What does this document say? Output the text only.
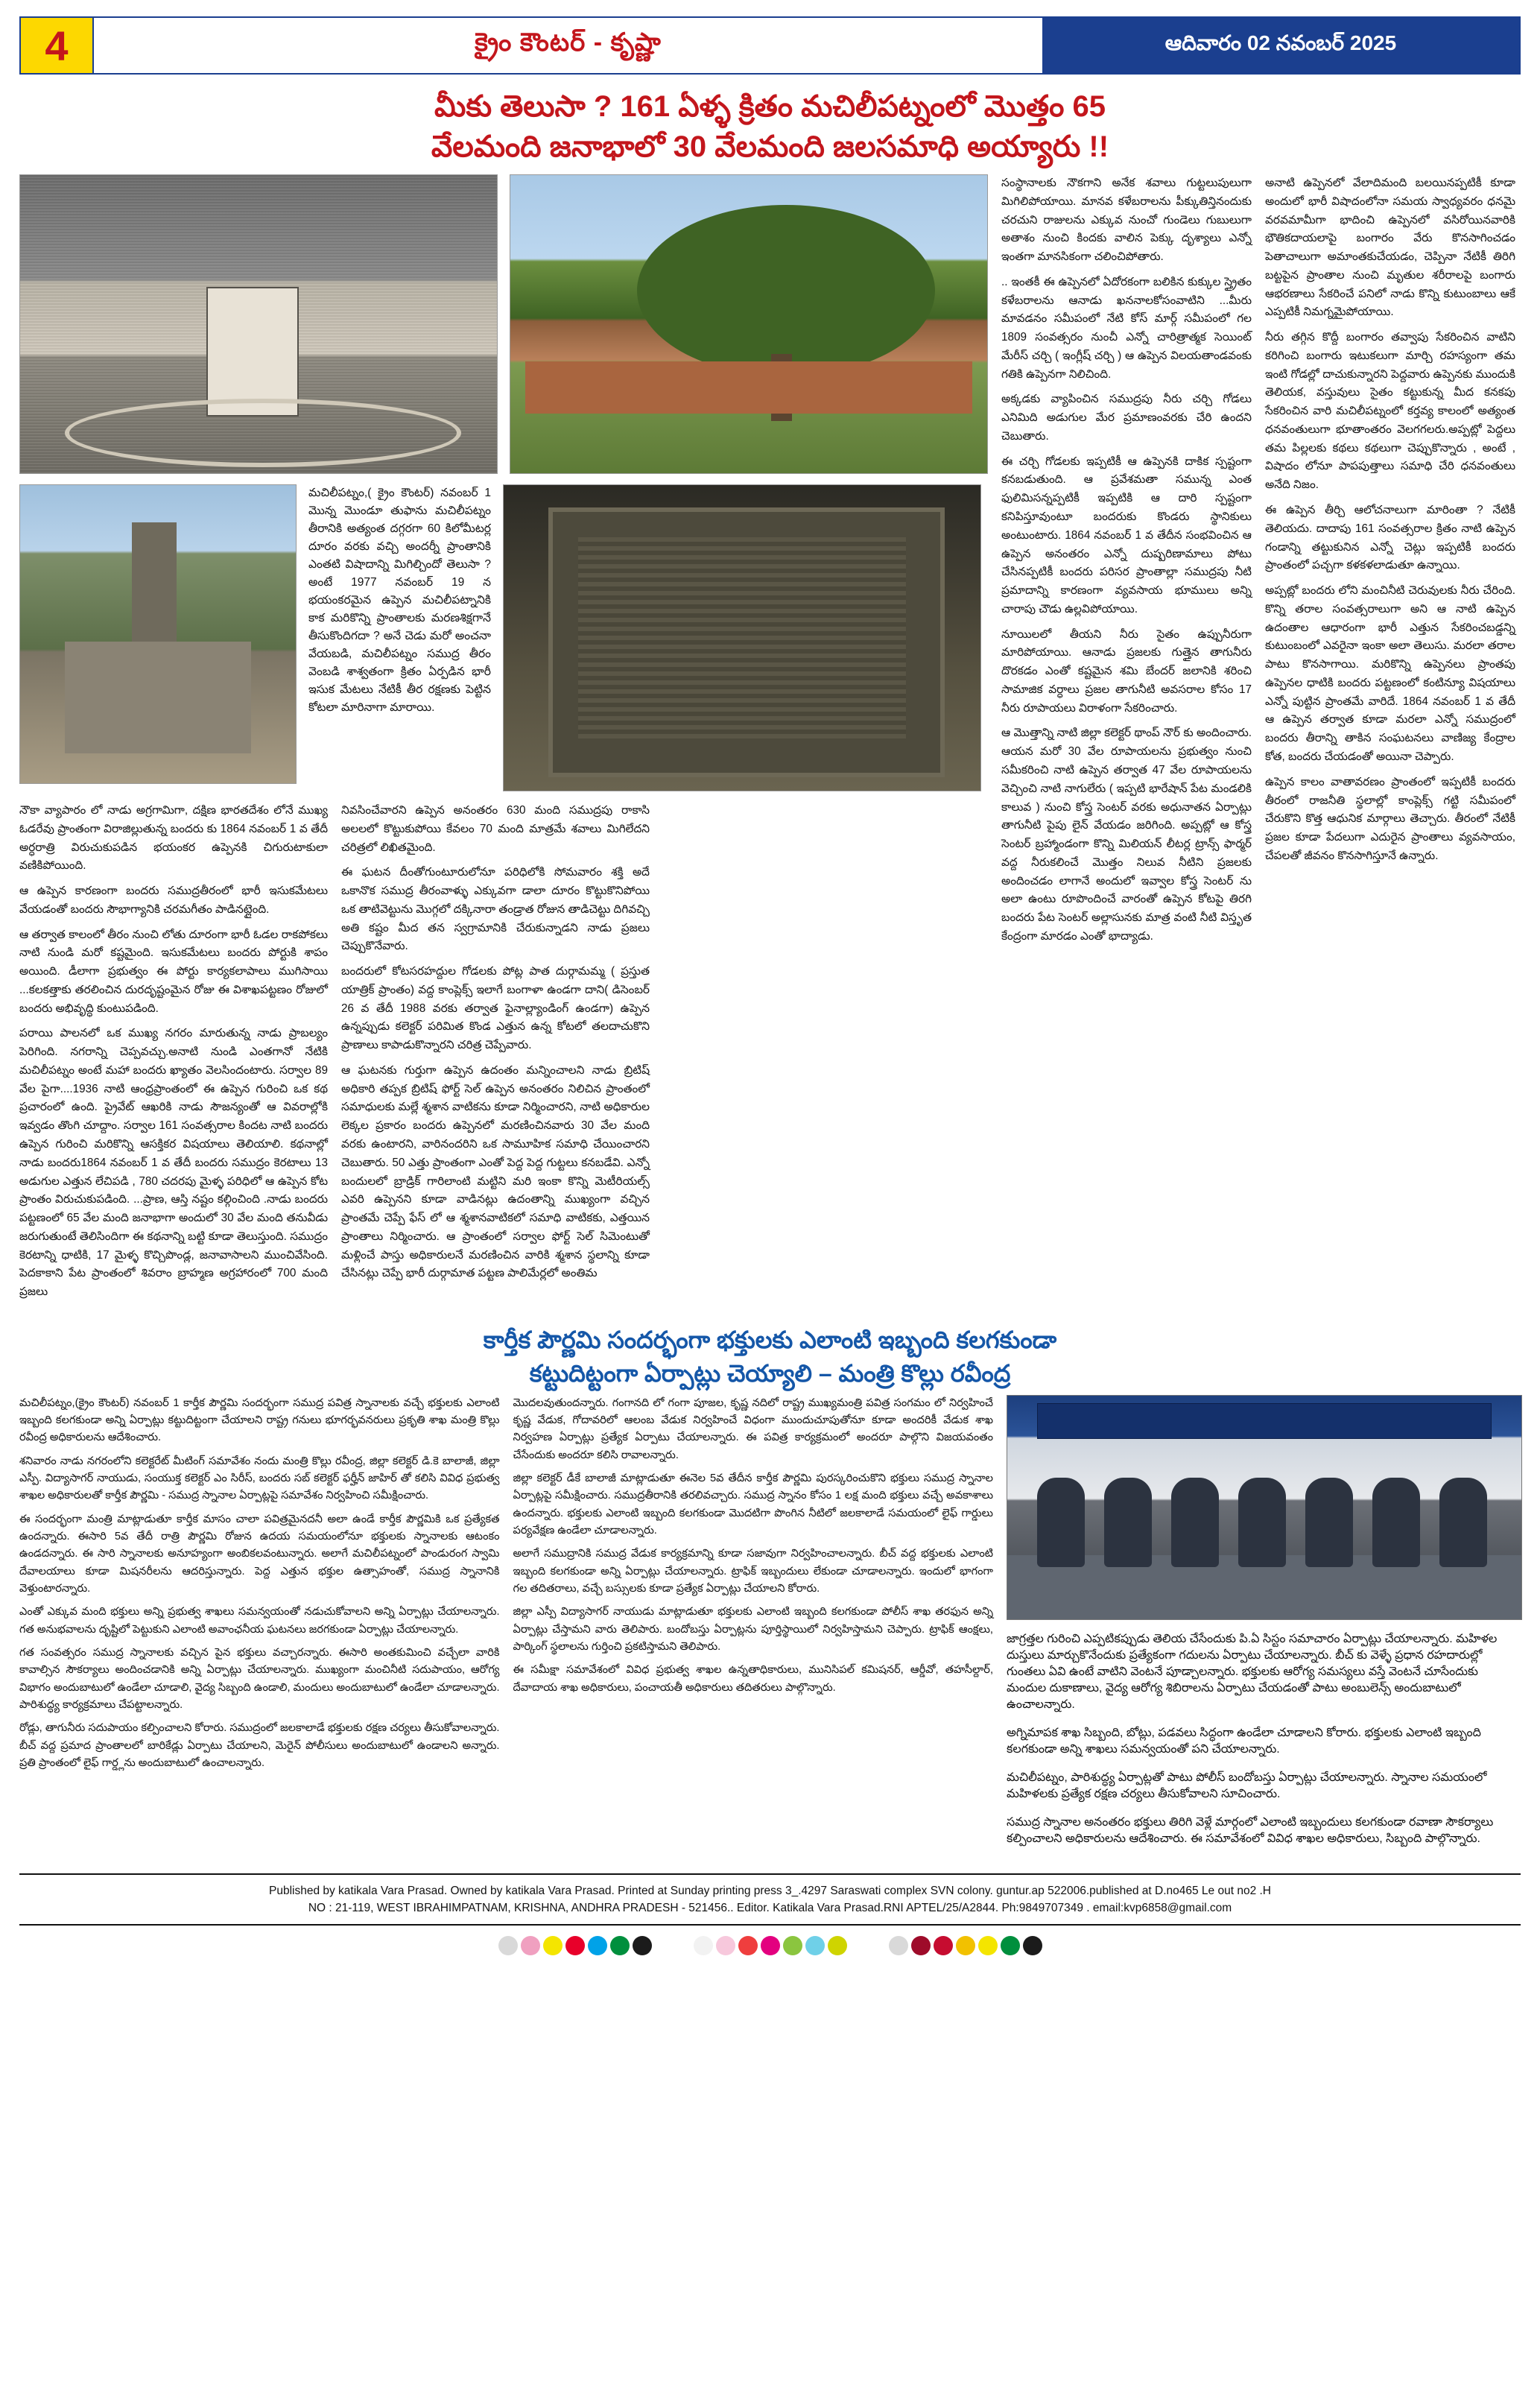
4	క్రైం కౌంటర్ - కృష్ణా	ఆదివారం 02 నవంబర్ 2025
మీకు తెలుసా ? 161 ఏళ్ళ క్రితం మచిలీపట్నంలో మొత్తం 65
వేలమంది జనాభాలో 30 వేలమంది జలసమాధి అయ్యారు !!
మచిలీపట్నం,( క్రైం కౌంటర్) నవంబర్ 1 మొన్న మొండూ తుఫాను మచిలీపట్నం తీరానికి అత్యంత దగ్గరగా 60 కిలోమీటర్ల దూరం వరకు వచ్చి అందర్నీ ప్రాంతానికి ఎంతటి విషాదాన్ని మిగిల్చిందో తెలుసా ? అంటే 1977 నవంబర్ 19 న భయంకరమైన ఉప్పెన మచిలీపట్నానికి కాక మరికొన్ని ప్రాంతాలకు మరణశిక్షగానే తీసుకొందిగదా ? అనే చెడు మరో అంచనా వేయబడి, మచిలీపట్నం సముద్ర తీరం వెంబడి శాశ్వతంగా క్రితం ఏర్పడిన భారీ ఇసుక మేటలు నేటికీ తీర రక్షణకు పెట్టిన కోటలా మారినాగా మారాయి.

నౌకా వ్యాపారం లో నాడు అగ్రగామిగా, దక్షిణ భారతదేశం లోనే ముఖ్య ఓడరేవు ప్రాంతంగా విరాజిల్లుతున్న బందరు కు 1864 నవంబర్ 1 వ తేదీ అర్ధరాత్రి విరుచుకుపడిన భయంకర ఉప్పెనకి చిగురుటాకులా వణికిపోయింది.

ఆ ఉప్పెన కారణంగా బందరు సముద్రతీరంలో భారీ ఇసుకమేటలు వేయడంతో బందరు సౌభాగ్యానికి చరమగీతం పాడినట్లైంది.

ఆ తర్వాత కాలంలో తీరం నుంచి లోతు దూరంగా భారీ ఓడల రాకపోకలు నాటి నుండి మరో కష్టమైంది. ఇసుకమేటలు బందరు పోర్టుకి శాపం అయింది. డీలాగా ప్రభుత్వం ఈ పోర్టు కార్యకలాపాలు ముగిసాయి ...కలకత్తాకు తరలించిన దురదృష్టంమైన రోజు ఈ విశాఖపట్టణం రోజులో బందరు అభివృద్ధి కుంటుపడింది.

పరాయి పాలనలో ఒక ముఖ్య నగరం మారుతున్న నాడు ప్రాబల్యం పెరిగింది. నగరాన్ని చెప్పవచ్చు.అనాటి నుండి ఎంతగానో నేటికి మచిలీపట్నం అంటే మహా బందరు ఖ్యాతం వెలసిందంటారు. సర్వాల 89 వేల పైగా....1936 నాటి ఆంధ్రప్రాంతంలో ఈ ఉప్పెన గురించి ఒక కథ ప్రచారంలో ఉంది. ప్రైవేట్ ఆఖరికి నాడు సౌజన్యంతో ఆ వివరాల్లోకి ఇవ్వడం తొంగి చూద్దాం. సర్వాల 161 సంవత్సరాల కిందట నాటి బందరు ఉప్పెన గురించి మరికొన్ని ఆసక్తికర విషయాలు తెలియాలి. కథనాల్లో నాడు బందరు1864 నవంబర్ 1 వ తేదీ బందరు సముద్రం కెరటాలు 13 అడుగుల ఎత్తున లేచిపడి , 780 చదరపు మైళ్ళ పరిధిలో ఆ ఉప్పెన కోట ప్రాంతం విరుచుకుపడింది. ...ప్రాణ, ఆస్తి నష్టం కల్గించింది .నాడు బందరు పట్టణంలో 65 వేల మంది జనాభాగా అందులో 30 వేల మంది తనువీడు జరుగుతుంటే తెలిసిందిగా ఈ కథనాన్ని బట్టి కూడా తెలుస్తుంది. సముద్రం కెరటాన్ని ధాటికి, 17 మైళ్ళ కొచ్చిపొండ్ల, జనావాసాలని ముంచివేసింది. పెదకాకాని పేట ప్రాంతంలో శివరాం బ్రాహ్మణ అగ్రహారంలో 700 మంది ప్రజలు

నివసించేవారని ఉప్పెన అనంతరం 630 మంది సముద్రపు రాకాసి అలలలో కొట్టుకుపోయి కేవలం 70 మంది మాత్రమే శవాలు మిగిలేదని చరిత్రలో లిఖితమైంది.

ఈ ఘటన దీంతోగుంటూరులోనూ పరిధిలోకి సోమవారం శక్తి అదే ఒకానొక సముద్ర తీరంవాళ్ళు ఎక్కువగా డాలా దూరం కొట్టుకొనిపోయి ఒక తాటివెట్టును మొగ్గలో దక్కినారా తండ్రాత రోజున తాడిచెట్టు దిగివచ్చి అతి కష్టం మీద తన స్వగ్రామానికి చేరుకున్నాడని నాడు ప్రజలు చెప్పుకొనేవారు.

బందరులో కోటసరహద్దుల గోడలకు పోట్ల పాత దుర్గామమ్మ ( ప్రస్తుత యాత్రిక్ ప్రాంతం) వద్ద కాంప్లెక్స్ ఇలాగే బంగాళా ఉండగా దాని( డిసెంబర్ 26 వ తేదీ 1988 వరకు తర్వాత ఫైనాల్ల్యాండింగ్ ఉండగా) ఉప్పెన ఉన్నప్పుడు కలెక్టర్ పరిమిత కొండ ఎత్తున ఉన్న కోటలో తలదాచుకొని ప్రాణాలు కాపాడుకొన్నారని చరిత్ర చెప్పేవారు.

ఆ ఘటనకు గుర్తుగా ఉప్పెన ఉదంతం మన్నించాలని నాడు బ్రిటిష్ అధికారి తప్పక బ్రిటిష్ ఫోర్ట్ సెల్ ఉప్పెన అనంతరం నిలిచిన ప్రాంతంలో సమాధులకు మల్లే శ్మశాన వాటికను కూడా నిర్మించారని, నాటి అధికారుల లెక్కల ప్రకారం బందరు ఉప్పెనలో మరణించినవారు 30 వేల మంది వరకు ఉంటారని, వారినందరిని ఒక సామూహిక సమాధి చేయించారని చెబుతారు. 50 ఎత్తు ప్రాంతంగా ఎంతో పెద్ద పెద్ద గుట్టలు కనబడేవి. ఎన్నో బందులలో బ్రాడ్రిక్ గారిలాంటి మట్టిని మరి ఇంకా కొన్ని మెటీరియల్స్ ఎవరి ఉప్పెనని కూడా వాడినట్లు ఉదంతాన్ని ముఖ్యంగా వచ్చిన ప్రాంతమే చెప్పే ఫేస్ లో ఆ శ్మశానవాటికలో సమాధి వాటికకు, ఎత్తయిన ప్రాంతాలు నిర్మించారు. ఆ ప్రాంతంలో సర్వాల ఫోర్ట్ సెల్ సిమెంటుతో మళ్లించే పాస్తు అధికారులనే మరణించిన వారికి శ్మశాన స్థలాన్ని కూడా చేసినట్లు చెప్పే భారీ దుర్గామాత పట్టణ పాలిమేర్లలో అంతిమ

సంస్థానాలకు నౌకగాని అనేక శవాలు గుట్టలుపులుగా మిగిలిపోయాయి. మానవ కళేబరాలను పీక్కుతిన్తినందుకు చరచుని రాజులను ఎక్కువ నుంచో గుండెలు గుబులుగా అతాశం నుంచి కిందకు వాలిన పెక్కు దృశ్యాలు ఎన్నో ఇంతగా మానసికంగా చలించిపోతారు.

.. ఇంతకీ ఈ ఉప్పెనలో ఏదోరకంగా బలికిన కుక్కుల స్త్రైతం కళేబరాలను ఆనాడు ఖననాలకోసంవాటిని ...మీరు మావడనం సమీపంలో నేటి కోస్ మార్గ్ సమీపంలో గల 1809 సంవత్సరం నుంచీ ఎన్నో చారిత్రాత్మక సెయింట్ మేరీస్ చర్చి ( ఇంగ్లీష్ చర్చి ) ఆ ఉప్పెన విలయతాండవంకు గతికి ఉప్పెనగా నిలిచింది.

అక్కడకు వ్యాపించిన సముద్రపు నీరు చర్చి గోడలు ఎనిమిది అడుగుల మేర ప్రమాణంవరకు చేరి ఉందని చెబుతారు.

ఈ చర్చి గోడలకు ఇప్పటికీ ఆ ఉప్పెనకి దాకిక స్పష్టంగా కనబడుతుంది. ఆ ప్రవేశమతా సమున్న ఎంత ఫులిమిసన్నప్పటికీ ఇప్పటికి ఆ దారి స్పష్టంగా కనిపిస్తూవుంటూ బందరుకు కొండరు స్థానికులు అంటుంటారు. 1864 నవంబర్ 1 వ తేదీన సంభవించిన ఆ ఉప్పెన అనంతరం ఎన్నో దుష్పరిణామాలు పోటు చేసినప్పటికీ బందరు పరిసర ప్రాంతాల్లా సముద్రపు నీటి ప్రమాదాన్ని కారణంగా వ్యవసాయ భూములు అన్ని చారాపు చౌడు ఉల్లవిపోయాయి.

నూయిలలో తీయని నీరు సైతం ఉప్పునీరుగా మారిపోయాయి. ఆనాడు ప్రజలకు గుత్తైన తాగునీరు దొరకడం ఎంతో కష్టమైన శమి బేందర్ జలానికి శరించి సామాజిక వర్ధాలు ప్రజల తాగునీటి అవసరాల కోసం 17 నీరు రూపాయలు విరాళంగా సేకరించారు.

ఆ మొత్తాన్ని నాటి జిల్లా కలెక్టర్ థాంప్ నౌర్ కు అందించారు. ఆయన మరో 30 వేల రూపాయలను ప్రభుత్వం నుంచి సమీకరించి నాటి ఉప్పెన తర్వాత 47 వేల రూపాయలను వెచ్చించి నాటి నాగులేరు ( ఇప్పటి భారేషాన్ పేట మండలికి కాలువ ) నుంచి కోస్త్ర సెంటర్ వరకు అధునాతన ఏర్పాట్లు తాగునీటి పైపు లైన్ వేయడం జరిగింది. అప్పట్లో ఆ కోస్త్ర సెంటర్ బ్రహ్మాండంగా కొన్ని మిలియన్ లీటర్ల ట్రాన్స్ ఫార్మర్ వద్ద నీరుకలించే మొత్తం నిలువ నీటిని ప్రజలకు అందించడం లాగానే అందులో ఇవ్వాల కోస్త్ర సెంటర్ ను అలా ఉంటు రూపొందించే వారంతో ఉప్పెన కోటపై తిరగి బందరు పేట సెంటర్ అల్లాసునకు మాత్ర వంటి నీటి విస్తృత కేంద్రంగా మారడం ఎంతో భాద్యాడు.

అనాటి ఉప్పెనలో వేలాదిమంది బలయినప్పటికీ కూడా అందులో భారీ విషాదంలోనా సమయ స్వాధ్యవరం ధనమై వరవమామీగా భాదించి ఉప్పెనలో వసిరోయినవారికి భౌతికదాయలాపై బంగారం వేరు కొనసాగించడం పెతాచాలుగా అమాంతకుచేయడం, చెప్పినా నేటికీ తిరిగి బట్టపైన ప్రాంతాల నుంచి మృతుల శరీరాలపై బంగారు ఆభరణాలు సేకరించే పనిలో నాడు కొన్ని కుటుంబాలు ఆకే ఎప్పటికీ నిమగ్నమైపోయాయి.

నీరు తగ్గిన కొద్దీ బంగారం తవ్వాపు సేకరించిన వాటిని కరిగించి బంగారు ఇటుకలుగా మార్చి రహస్యంగా తమ ఇంటి గోడల్లో దాచుకున్నారని పెద్దవారు ఉప్పెనకు ముందుకి తెలియక, వస్తువులు సైతం కట్టుకున్న మీద కనకపు సేకరించిన వారి మచిలీపట్నంలో కర్తవ్య కాలంలో అత్యంత ధనవంతులుగా భూతాంతరం వెలగగలరు.అప్పట్లో పెద్దలు తమ పిల్లలకు కథలు కథలుగా చెప్పుకొన్నారు , అంటే , విషాదం లోనూ పాపపుత్తాలు సమాధి చేరి ధనవంతులు అనేది నిజం.

ఈ ఉప్పెన తీర్చి ఆలోచనాలుగా మారింతా ? నేటికీ తెలియదు. దాదాపు 161 సంవత్సరాల క్రితం నాటి ఉప్పెన గండాన్ని తట్టుకునిన ఎన్నో చెట్లు ఇప్పటికీ బందరు ప్రాంతంలో పచ్చగా కళకళలాడుతూ ఉన్నాయి.

అప్పట్లో బందరు లోని మంచినీటి చెరువులకు నీరు చేరింది. కొన్ని తరాల సంవత్సరాలుగా అని ఆ నాటి ఉప్పెన ఉదంతాల ఆధారంగా భారీ ఎత్తున సేకరించబడ్డన్ని కుటుంబంలో ఎవరైనా ఇంకా అలా తెలుసు. మరలా తరాల పాటు కొనసాగాయి. మరికొన్ని ఉప్పెనలు ప్రాంతపు ఉప్పెనల ధాటికి బందరు పట్టణంలో కంటిన్యూ విషయాలు ఎన్నో పుట్టిన ప్రాంతమే వారిదే. 1864 నవంబర్ 1 వ తేదీ ఆ ఉప్పెన తర్వాత కూడా మరలా ఎన్నో సముద్రంలో బందరు తీరాన్ని తాకిన సంఘటనలు వాణిజ్య కేంద్రాల కోత, బందరు చేయడంతో అయినా చెప్పారు.

ఉప్పెన కాలం వాతావరణం ప్రాంతంలో ఇప్పటికీ బందరు తీరంలో రాజనీతి స్థలాల్లో కాంప్లెక్స్ గట్టి సమీపంలో చేరుకొని కొత్త ఆధునిక మార్గాలు తెచ్చారు. తీరంలో నేటికీ ప్రజల కూడా పేదలుగా ఎదురైన ప్రాంతాలు వ్యవసాయం, చేపలతో జీవనం కొనసాగిస్తూనే ఉన్నారు.

కార్తీక పౌర్ణమి సందర్భంగా భక్తులకు ఎలాంటి ఇబ్బంది కలగకుండా
కట్టుదిట్టంగా ఏర్పాట్లు చెయ్యాలి – మంత్రి కొల్లు రవీంద్ర

మచిలీపట్నం,(క్రైం కౌంటర్) నవంబర్ 1 కార్తీక పౌర్ణమి సందర్భంగా సముద్ర పవిత్ర స్నానాలకు వచ్చే భక్తులకు ఎలాంటి ఇబ్బంది కలగకుండా అన్ని ఏర్పాట్లు కట్టుదిట్టంగా చేయాలని రాష్ట్ర గనులు భూగర్భవనరులు ప్రకృతి శాఖ మంత్రి కొల్లు రవీంద్ర అధికారులను ఆదేశించారు.

శనివారం నాడు నగరంలోని కలెక్టరేట్ మీటింగ్ సమావేశం నందు మంత్రి కొల్లు రవీంద్ర, జిల్లా కలెక్టర్ డి.కె బాలాజీ, జిల్లా ఎస్పీ. విద్యాసాగర్ నాయుడు, సంయుక్త కలెక్టర్ ఎం సిరీస్, బందరు సబ్ కలెక్టర్ ఫర్హీన్ జాహిర్ తో కలిసి వివిధ ప్రభుత్వ శాఖల అధికారులతో కార్తీక పౌర్ణమి - సముద్ర స్నానాల ఏర్పాట్లపై సమావేశం నిర్వహించి సమీక్షించారు.

ఈ సందర్భంగా మంత్రి మాట్లాడుతూ కార్తీక మాసం చాలా పవిత్రమైనదనీ అలా ఉండే కార్తీక పౌర్ణమికి ఒక ప్రత్యేకత ఉందన్నారు. ఈసారి 5వ తేదీ రాత్రి పౌర్ణమి రోజున ఉదయ సమయంలోనూ భక్తులకు స్నానాలకు ఆటంకం ఉండదన్నారు. ఈ సారి స్నానాలకు అనూహ్యంగా అంబికలవంటున్నారు. అలాగే మచిలీపట్నంలో పాండురంగ స్వామి దేవాలయాలు కూడా మిషనరీలను ఆదరిస్తున్నారు. పెద్ద ఎత్తున భక్తుల ఉత్సాహంతో, సముద్ర స్నానానికి వెళ్తుంటారన్నారు.

ఎంతో ఎక్కువ మంది భక్తులు అన్ని ప్రభుత్వ శాఖలు సమన్వయంతో నడుచుకోవాలని అన్ని ఏర్పాట్లు చేయాలన్నారు. గత అనుభవాలను దృష్టిలో పెట్టుకుని ఎలాంటి అవాంఛనీయ ఘటనలు జరగకుండా ఏర్పాట్లు చేయాలన్నారు.

గత సంవత్సరం సముద్ర స్నానాలకు వచ్చిన పైన భక్తులు వచ్చారన్నారు. ఈసారి అంతకుమించి వచ్చేలా వారికి కావాల్సిన సౌకర్యాలు అందించడానికి అన్ని ఏర్పాట్లు చేయాలన్నారు. ముఖ్యంగా మంచినీటి సదుపాయం, ఆరోగ్య విభాగం అందుబాటులో ఉండేలా చూడాలి, వైద్య సిబ్బంది ఉండాలి, మందులు అందుబాటులో ఉండేలా చూడాలన్నారు. పారిశుద్ధ్య కార్యక్రమాలు చేపట్టాలన్నారు.

రోడ్లు, తాగునీరు సదుపాయం కల్పించాలని కోరారు. సముద్రంలో జలకాలాడే భక్తులకు రక్షణ చర్యలు తీసుకోవాలన్నారు. బీచ్ వద్ద ప్రమాద ప్రాంతాలలో బారికేడ్లు ఏర్పాటు చేయాలని, మెరైన్ పోలీసులు అందుబాటులో ఉండాలని అన్నారు. ప్రతి ప్రాంతంలో లైఫ్ గార్డ్లను అందుబాటులో ఉంచాలన్నారు.

మొదలవుతుందన్నారు. గంగానది లో గంగా పూజల, కృష్ణ నదిలో రాష్ట్ర ముఖ్యమంత్రి పవిత్ర సంగమం లో నిర్వహించే కృష్ణ వేడుక, గోదావరిలో ఆలంబ వేడుక నిర్వహించే విధంగా ముందుచూపుతోనూ కూడా అందరికీ వేడుక శాఖ నిర్వహణ ఏర్పాట్లు ప్రత్యేక ఏర్పాటు చేయాలన్నారు. ఈ పవిత్ర కార్యక్రమంలో అందరూ పాల్గొని విజయవంతం చేసేందుకు అందరూ కలిసి రావాలన్నారు.

జిల్లా కలెక్టర్ డీకే బాలాజీ మాట్లాడుతూ ఈనెల 5వ తేదీన కార్తీక పౌర్ణమి పురస్కరించుకొని భక్తులు సముద్ర స్నానాల ఏర్పాట్లపై సమీక్షించారు. సముద్రతీరానికి తరలివచ్చారు. సముద్ర స్నానం కోసం 1 లక్ష మంది భక్తులు వచ్చే అవకాశాలు ఉందన్నారు. భక్తులకు ఎలాంటి ఇబ్బంది కలగకుండా మొదటిగా పొంగిన నీటిలో జలకాలాడే సమయంలో లైఫ్ గార్డులు పర్యవేక్షణ ఉండేలా చూడాలన్నారు.

అలాగే సముద్రానికి సముద్ర వేడుక కార్యక్రమాన్ని కూడా సజావుగా నిర్వహించాలన్నారు. బీచ్ వద్ద భక్తులకు ఎలాంటి ఇబ్బంది కలగకుండా అన్ని ఏర్పాట్లు చేయాలన్నారు. ట్రాఫిక్ ఇబ్బందులు లేకుండా చూడాలన్నారు. ఇందులో భాగంగా గల తదితరాలు, వచ్చే బస్సులకు కూడా ప్రత్యేక ఏర్పాట్లు చేయాలని కోరారు.

జిల్లా ఎస్పీ విద్యాసాగర్ నాయుడు మాట్లాడుతూ భక్తులకు ఎలాంటి ఇబ్బంది కలగకుండా పోలీస్ శాఖ తరఫున అన్ని ఏర్పాట్లు చేస్తామని వారు తెలిపారు. బందోబస్తు ఏర్పాట్లను పూర్తిస్థాయిలో నిర్వహిస్తామని చెప్పారు. ట్రాఫిక్ ఆంక్షలు, పార్కింగ్ స్థలాలను గుర్తించి ప్రకటిస్తామని తెలిపారు.

ఈ సమీక్షా సమావేశంలో వివిధ ప్రభుత్వ శాఖల ఉన్నతాధికారులు, మునిసిపల్ కమిషనర్, ఆర్డీవో, తహసీల్దార్, దేవాదాయ శాఖ అధికారులు, పంచాయతీ అధికారులు తదితరులు పాల్గొన్నారు.

జాగ్రత్తల గురించి ఎప్పటికప్పుడు తెలియ చేసేందుకు పి.ఏ సిస్టం సమాచారం ఏర్పాట్లు చేయాలన్నారు. మహిళల దుస్తులు మార్చుకొనేందుకు ప్రత్యేకంగా గదులను ఏర్పాటు చేయాలన్నారు. బీచ్ కు వెళ్ళే ప్రధాన రహదారుల్లో గుంతలు ఏవి ఉంటే వాటిని వెంటనే పూడ్చాలన్నారు. భక్తులకు ఆరోగ్య సమస్యలు వస్తే వెంటనే చూసేందుకు మందుల దుకాణాలు, వైద్య ఆరోగ్య శిబిరాలను ఏర్పాటు చేయడంతో పాటు అంబులెన్స్ అందుబాటులో ఉంచాలన్నారు.

అగ్నిమాపక శాఖ సిబ్బంది, బోట్లు, పడవలు సిద్ధంగా ఉండేలా చూడాలని కోరారు. భక్తులకు ఎలాంటి ఇబ్బంది కలగకుండా అన్ని శాఖలు సమన్వయంతో పని చేయాలన్నారు.

మచిలీపట్నం, పారిశుద్ధ్య ఏర్పాట్లతో పాటు పోలీస్ బందోబస్తు ఏర్పాట్లు చేయాలన్నారు. స్నానాల సమయంలో మహిళలకు ప్రత్యేక రక్షణ చర్యలు తీసుకోవాలని సూచించారు.

సముద్ర స్నానాల అనంతరం భక్తులు తిరిగి వెళ్లే మార్గంలో ఎలాంటి ఇబ్బందులు కలగకుండా రవాణా సౌకర్యాలు కల్పించాలని అధికారులను ఆదేశించారు. ఈ సమావేశంలో వివిధ శాఖల అధికారులు, సిబ్బంది పాల్గొన్నారు.

Published by katikala Vara Prasad. Owned by katikala Vara Prasad. Printed at Sunday printing press 3_.4297 Saraswati complex SVN colony. guntur.ap 522006.published at D.no465 Le out no2 .H
NO : 21-119, WEST IBRAHIMPATNAM, KRISHNA, ANDHRA PRADESH - 521456.. Editor. Katikala Vara Prasad.RNI APTEL/25/A2844. Ph:9849707349 . email:kvp6858@gmail.com
